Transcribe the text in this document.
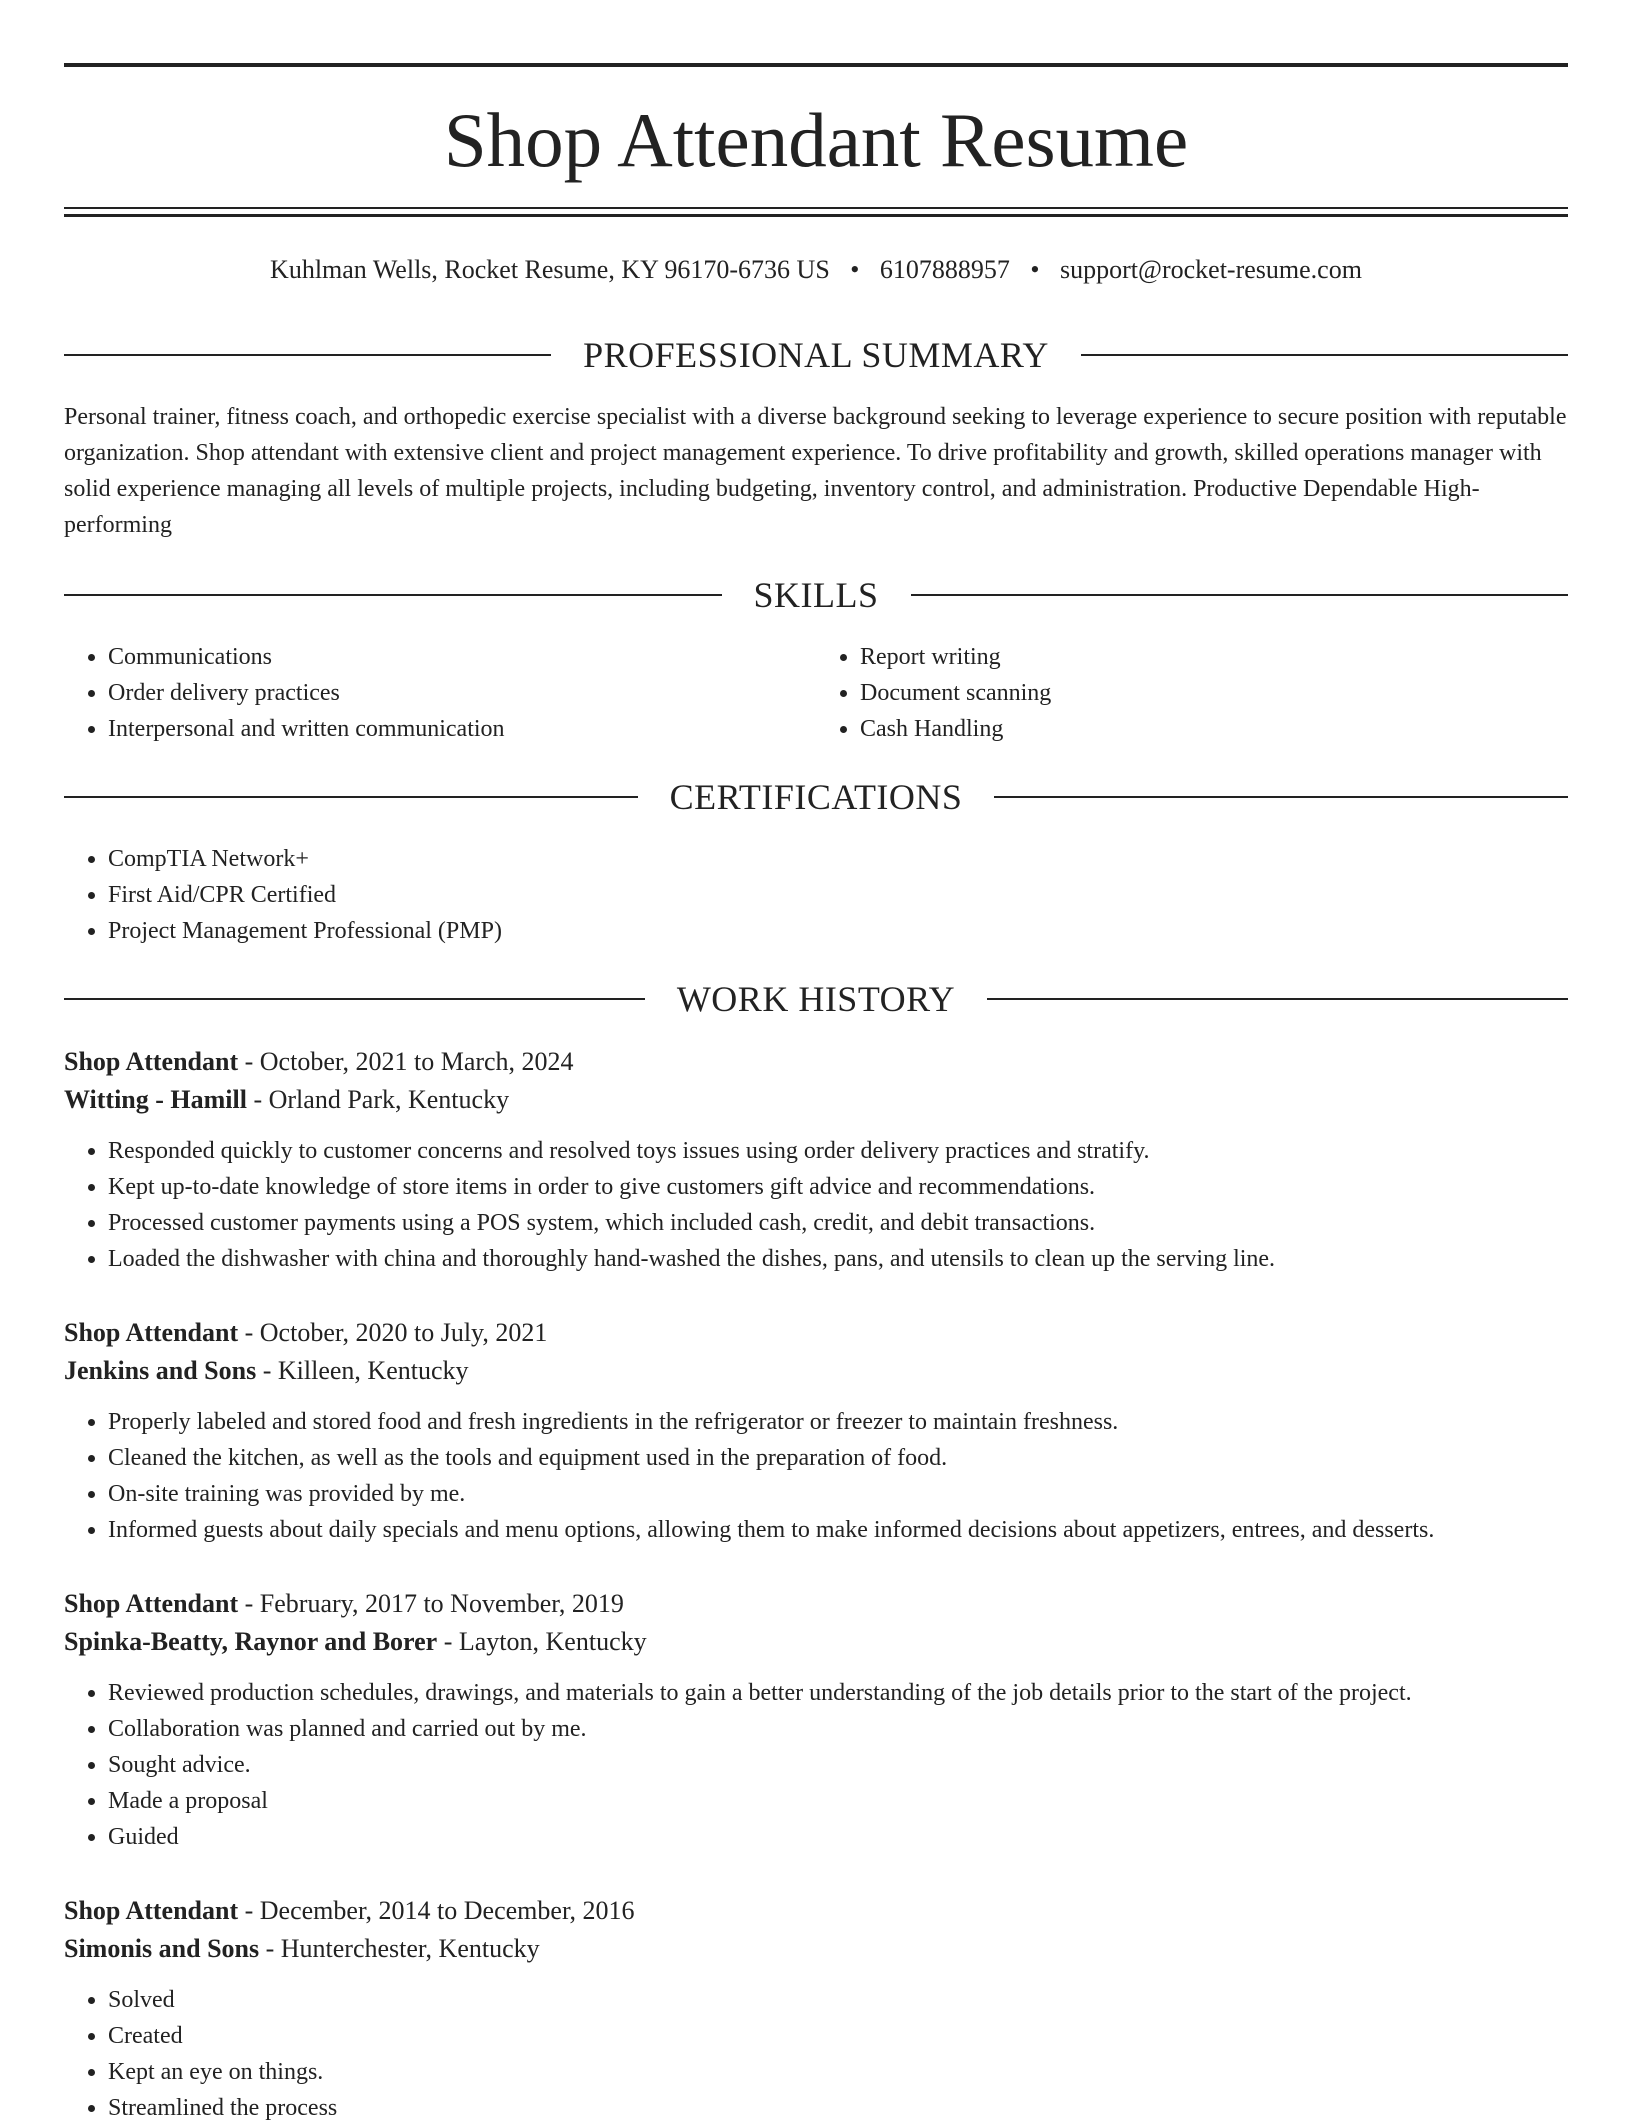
Shop Attendant Resume
Kuhlman Wells, Rocket Resume, KY 96170-6736 US • 6107888957 • support@rocket-resume.com
PROFESSIONAL SUMMARY

Personal trainer, fitness coach, and orthopedic exercise specialist with a diverse background seeking to leverage experience to secure position with reputable organization. Shop attendant with extensive client and project management experience. To drive profitability and growth, skilled operations manager with solid experience managing all levels of multiple projects, including budgeting, inventory control, and administration. Productive Dependable High-performing

SKILLS
• Communications
• Order delivery practices
• Interpersonal and written communication
• Report writing
• Document scanning
• Cash Handling
CERTIFICATIONS
• CompTIA Network+
• First Aid/CPR Certified
• Project Management Professional (PMP)
WORK HISTORY
Shop Attendant - October, 2021 to March, 2024
Witting - Hamill - Orland Park, Kentucky
• Responded quickly to customer concerns and resolved toys issues using order delivery practices and stratify.
• Kept up-to-date knowledge of store items in order to give customers gift advice and recommendations.
• Processed customer payments using a POS system, which included cash, credit, and debit transactions.
• Loaded the dishwasher with china and thoroughly hand-washed the dishes, pans, and utensils to clean up the serving line.
Shop Attendant - October, 2020 to July, 2021
Jenkins and Sons - Killeen, Kentucky
• Properly labeled and stored food and fresh ingredients in the refrigerator or freezer to maintain freshness.
• Cleaned the kitchen, as well as the tools and equipment used in the preparation of food.
• On-site training was provided by me.
• Informed guests about daily specials and menu options, allowing them to make informed decisions about appetizers, entrees, and desserts.
Shop Attendant - February, 2017 to November, 2019
Spinka-Beatty, Raynor and Borer - Layton, Kentucky
• Reviewed production schedules, drawings, and materials to gain a better understanding of the job details prior to the start of the project.
• Collaboration was planned and carried out by me.
• Sought advice.
• Made a proposal
• Guided
Shop Attendant - December, 2014 to December, 2016
Simonis and Sons - Hunterchester, Kentucky
• Solved
• Created
• Kept an eye on things.
• Streamlined the process
